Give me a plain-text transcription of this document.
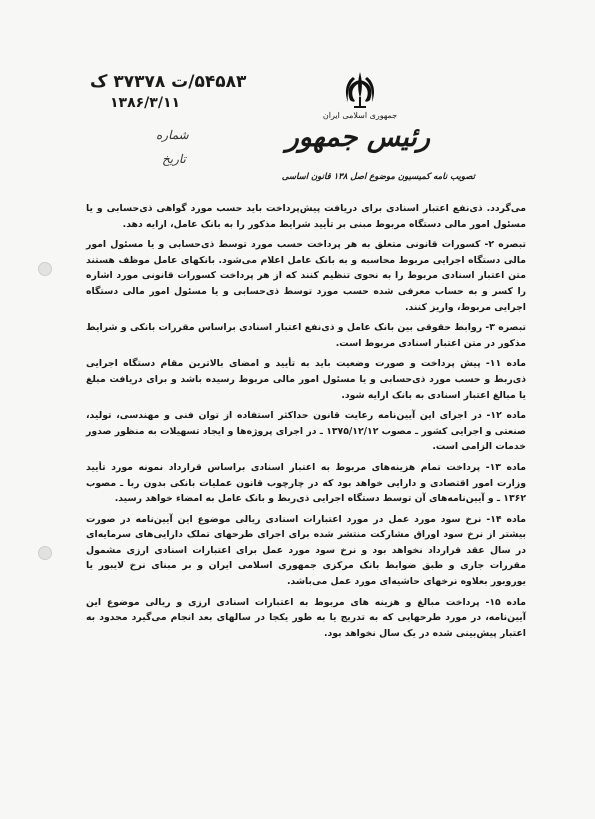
۵۴۵۸۳/ت ۳۷۳۷۸ ک
۱۳۸۶/۳/۱۱
شماره
تاریخ
جمهوری اسلامی ایران
رئیس جمهور
تصویب نامه کمیسیون موضوع اصل ۱۳۸ قانون اساسی

می‌گردد. ذی‌نفع اعتبار اسنادی برای دریافت پیش‌پرداخت باید حسب مورد گواهی ذی‌حسابی و یا مسئول امور مالی دستگاه مربوط مبنی بر تأیید شرایط مذکور را به بانک عامل، ارایه دهد.

تبصره ۲- کسورات قانونی متعلق به هر پرداخت حسب مورد توسط ذی‌حسابی و یا مسئول امور مالی دستگاه اجرایی مربوط محاسبه و به بانک عامل اعلام می‌شود. بانکهای عامل موظف هستند متن اعتبار اسنادی مربوط را به نحوی تنظیم کنند که از هر پرداخت کسورات قانونی مورد اشاره را کسر و به حساب معرفی شده حسب مورد توسط ذی‌حسابی و یا مسئول امور مالی دستگاه اجرایی مربوط، واریز کنند.

تبصره ۳- روابط حقوقی بین بانک عامل و ذی‌نفع اعتبار اسنادی براساس مقررات بانکی و شرایط مذکور در متن اعتبار اسنادی مربوط است.

ماده ۱۱- پیش پرداخت و صورت وضعیت باید به تأیید و امضای بالاترین مقام دستگاه اجرایی ذی‌ربط و حسب مورد ذی‌حسابی و یا مسئول امور مالی مربوط رسیده باشد و برای دریافت مبلغ یا مبالغ اعتبار اسنادی به بانک ارایه شود.

ماده ۱۲- در اجرای این آیین‌نامه رعایت قانون حداکثر استفاده از توان فنی و مهندسی، تولید، صنعتی و اجرایی کشور ـ مصوب ۱۳۷۵/۱۲/۱۲ ـ در اجرای پروژه‌ها و ایجاد تسهیلات به منظور صدور خدمات الزامی است.

ماده ۱۳- پرداخت تمام هزینه‌های مربوط به اعتبار اسنادی براساس قرارداد نمونه مورد تأیید وزارت امور اقتصادی و دارایی خواهد بود که در چارچوب قانون عملیات بانکی بدون ربا ـ مصوب ۱۳۶۲ ـ و آیین‌نامه‌های آن توسط دستگاه اجرایی ذی‌ربط و بانک عامل به امضاء خواهد رسید.

ماده ۱۴- نرخ سود مورد عمل در مورد اعتبارات اسنادی ریالی موضوع این آیین‌نامه در صورت بیشتر از نرخ سود اوراق مشارکت منتشر شده برای اجرای طرحهای تملک دارایی‌های سرمایه‌ای در سال عقد قرارداد نخواهد بود و نرخ سود مورد عمل برای اعتبارات اسنادی ارزی مشمول مقررات جاری و طبق ضوابط بانک مرکزی جمهوری اسلامی ایران و بر مبنای نرخ لایبور یا یوروبور بعلاوه نرخهای حاشیه‌ای مورد عمل می‌باشد.

ماده ۱۵- پرداخت مبالغ و هزینه های مربوط به اعتبارات اسنادی ارزی و ریالی موضوع این آیین‌نامه، در مورد طرحهایی که به تدریج یا به طور یکجا در سالهای بعد انجام می‌گیرد محدود به اعتبار پیش‌بینی شده در یک سال نخواهد بود.
